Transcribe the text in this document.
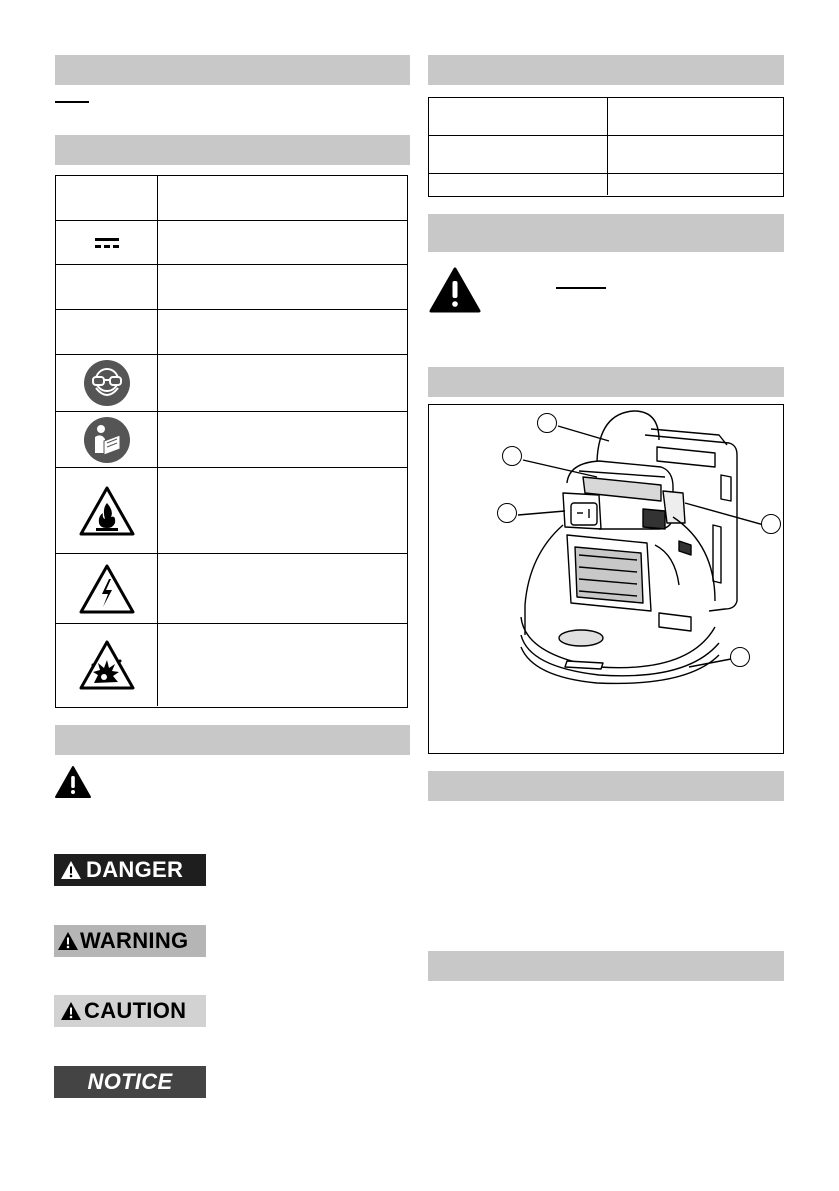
DANGER
WARNING
CAUTION
NOTICE
